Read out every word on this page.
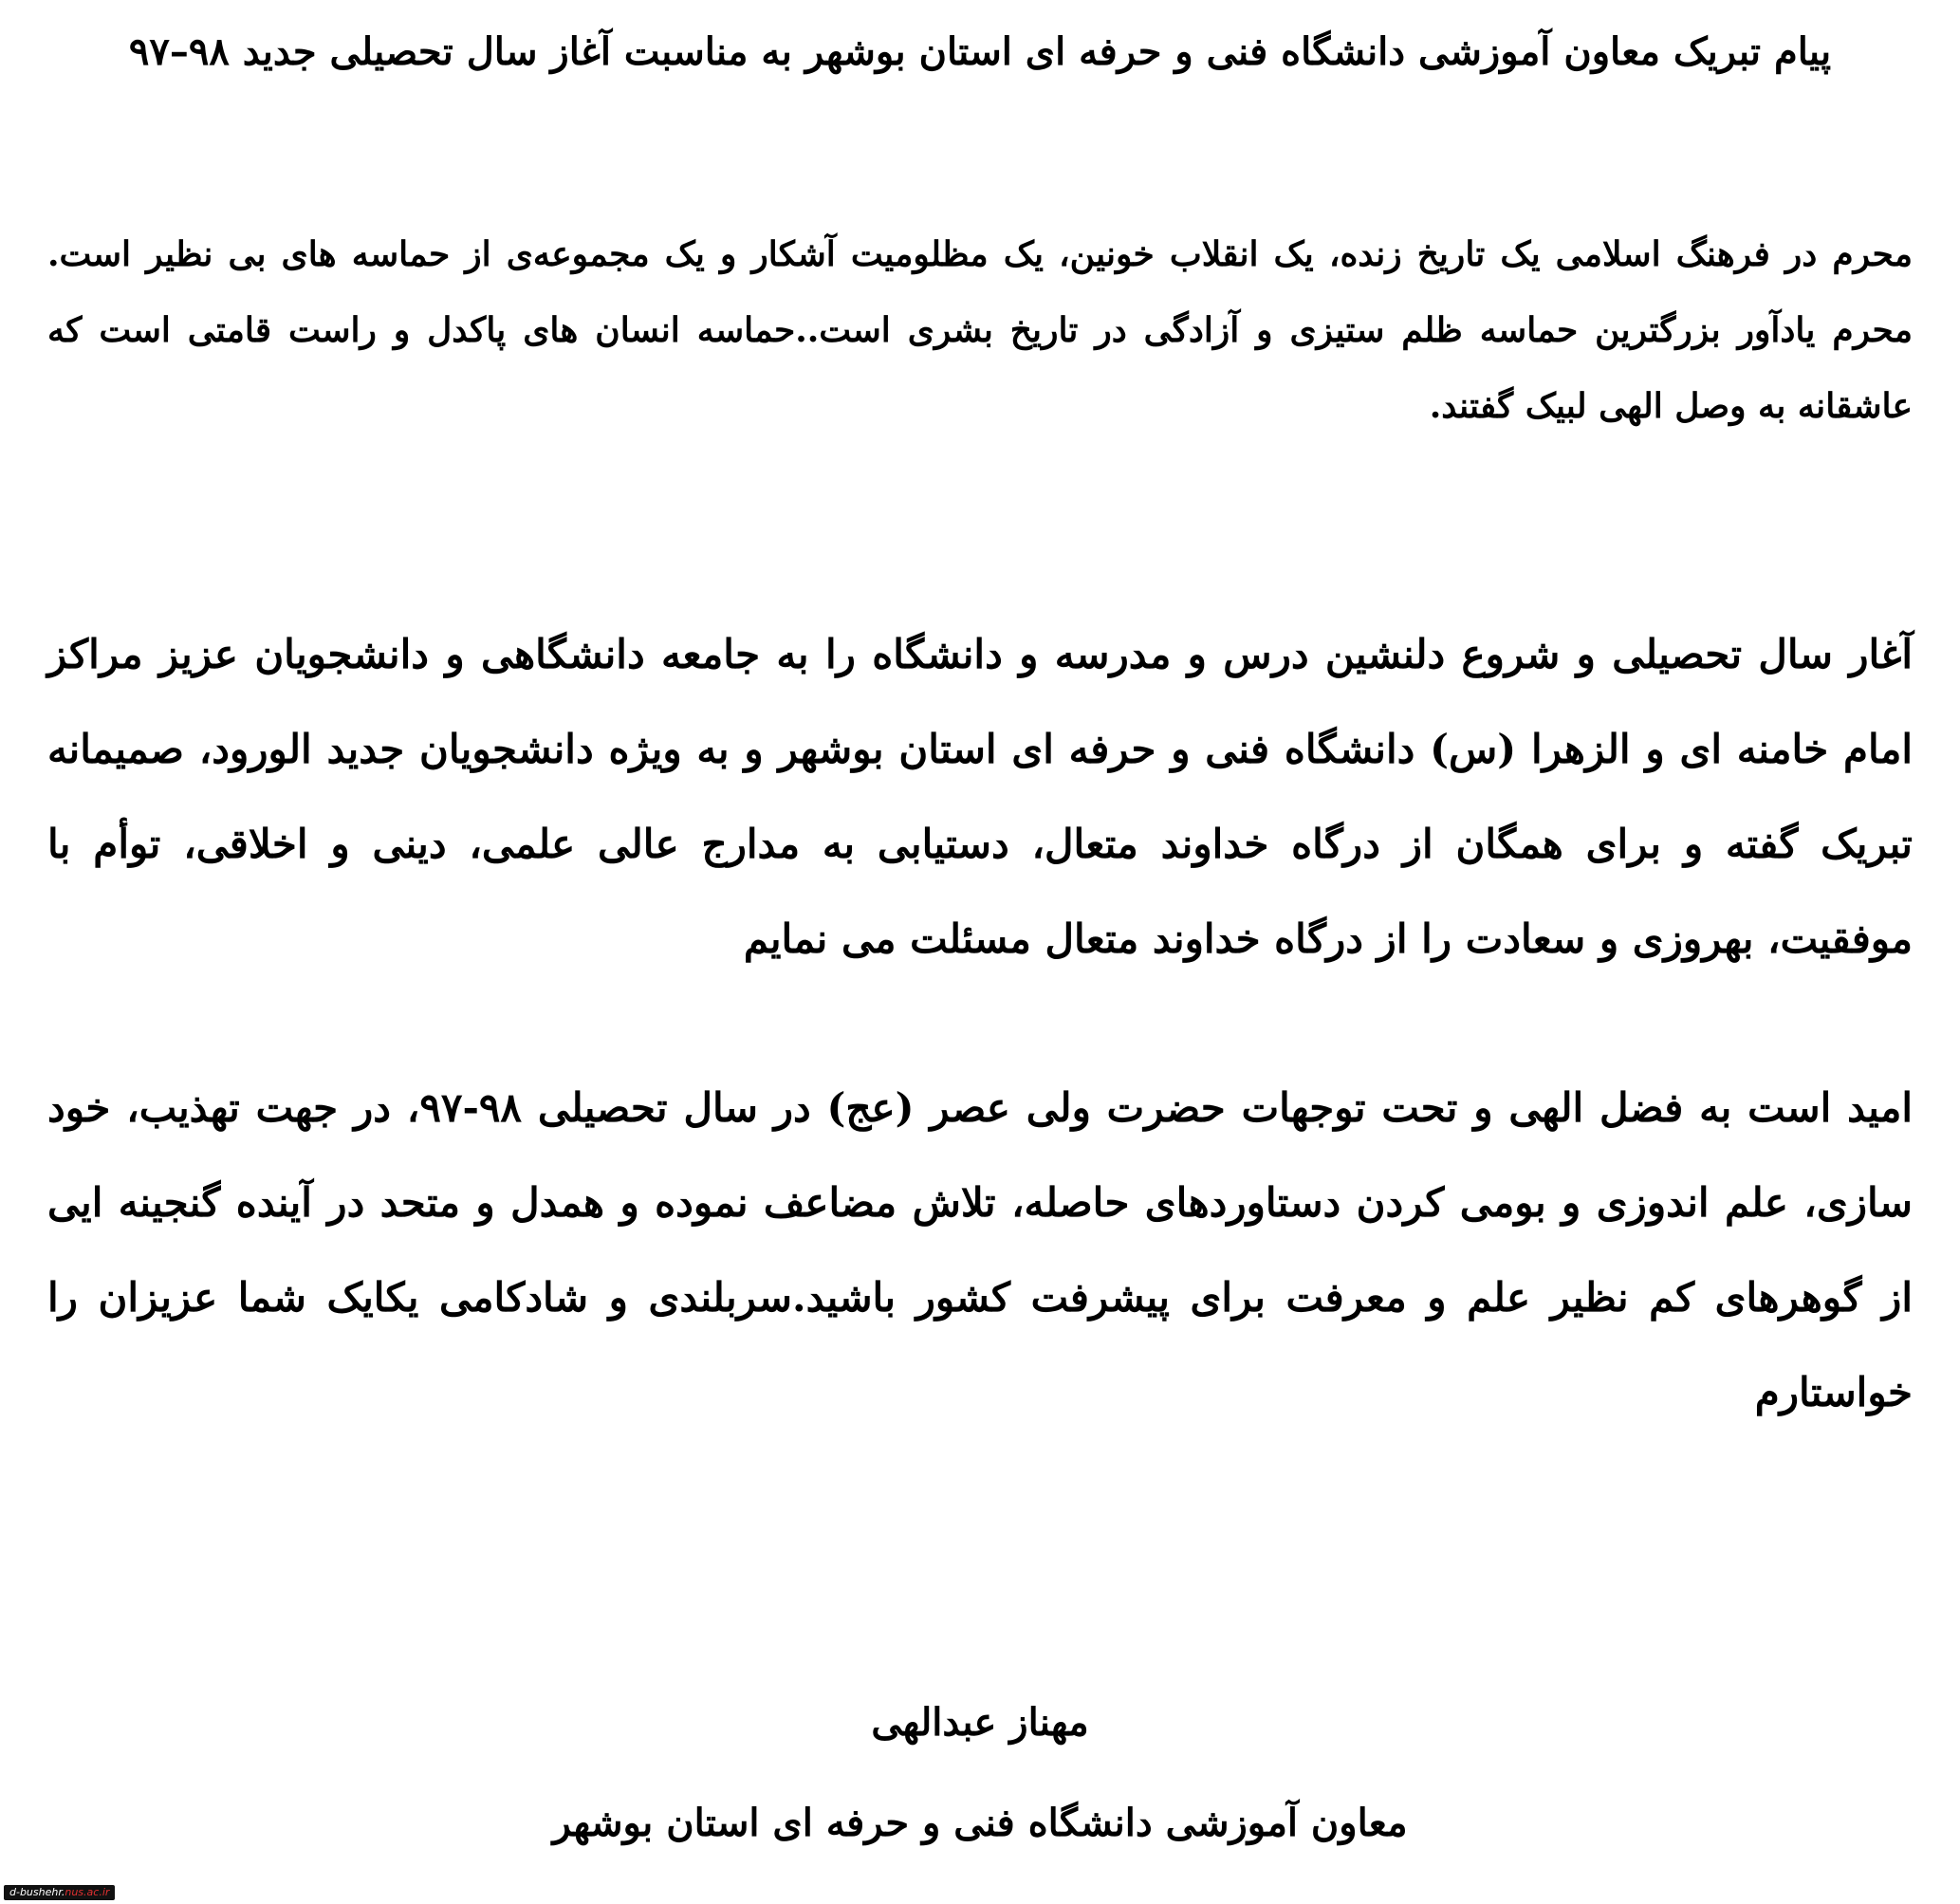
پیام تبریک معاون آموزشی دانشگاه فنی و حرفه ای استان بوشهر به مناسبت آغاز سال تحصیلی جدید ۹۸–۹۷

محرم در فرهنگ اسلامی یک تاریخ زنده، یک انقلاب خونین، یک مظلومیت آشکار و یک مجموعه‌ی از حماسه های بی نظیر است. محرم یادآور بزرگترین حماسه ظلم ستیزی و آزادگی در تاریخ بشری است..حماسه انسان های پاکدل و راست قامتی است که عاشقانه به وصل الهی لبیک گفتند.

آغار سال تحصیلی و شروع دلنشین درس و مدرسه و دانشگاه را به جامعه دانشگاهی و دانشجویان عزیز مراکز امام خامنه ای و الزهرا (س) دانشگاه فنی و حرفه ای استان بوشهر و به ویژه دانشجویان جدید الورود، صمیمانه تبریک گفته و برای همگان از درگاه خداوند متعال، دستیابی به مدارج عالی علمی، دینی و اخلاقی، توأم با موفقیت، بهروزی و سعادت را از درگاه خداوند متعال مسئلت می نمایم

امید است به فضل الهی و تحت توجهات حضرت ولی عصر (عج) در سال تحصیلی ۹۸-۹۷، در جهت تهذیب، خود سازی، علم اندوزی و بومی کردن دستاوردهای حاصله، تلاش مضاعف نموده و همدل و متحد در آینده گنجینه ایی از گوهرهای کم نظیر علم و معرفت برای پیشرفت کشور باشید.سربلندی و شادکامی یکایک شما عزیزان را خواستارم

مهناز عبدالهی

معاون آموزشی دانشگاه فنی و حرفه ای استان بوشهر

d-bushehr.nus.ac.ir
